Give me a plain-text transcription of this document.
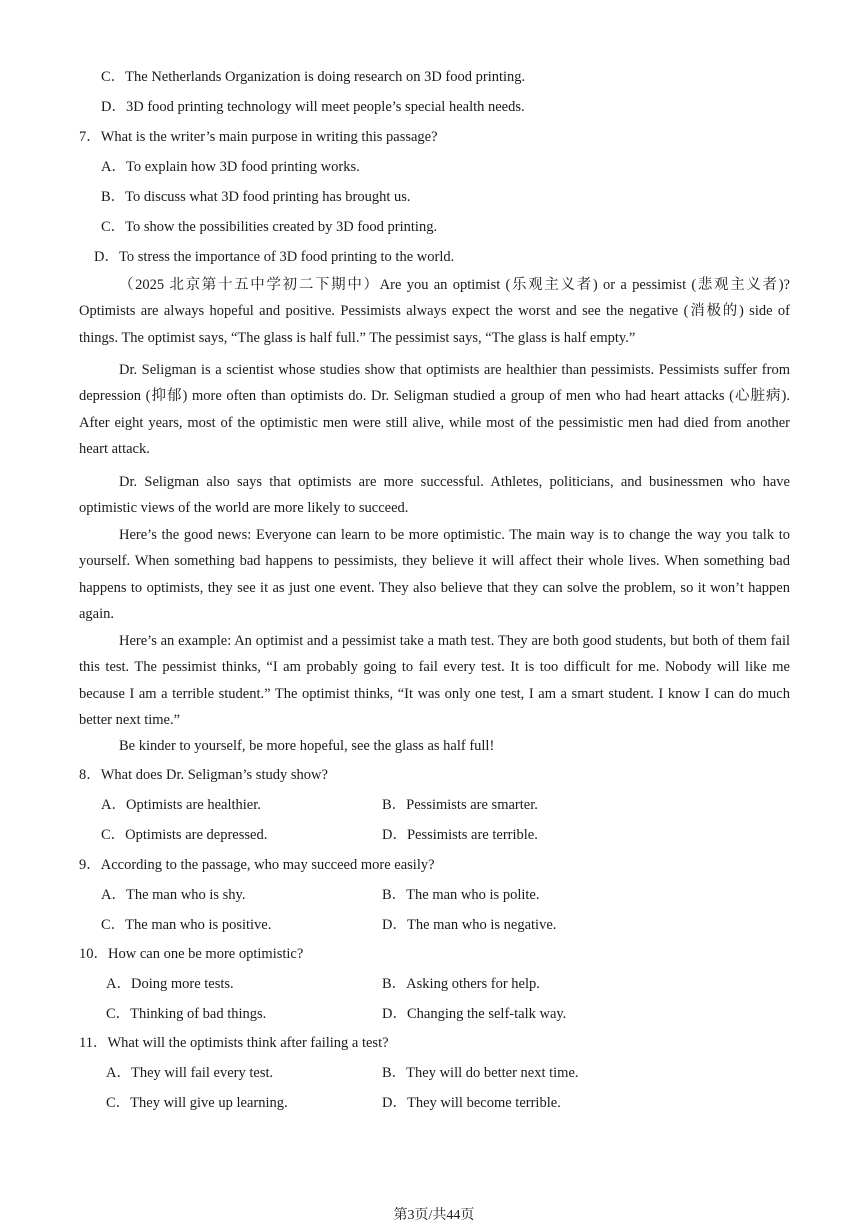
C．The Netherlands Organization is doing research on 3D food printing.
D．3D food printing technology will meet people’s special health needs.
7．What is the writer’s main purpose in writing this passage?
A．To explain how 3D food printing works.
B．To discuss what 3D food printing has brought us.
C．To show the possibilities created by 3D food printing.
D．To stress the importance of 3D food printing to the world.
（2025 北京第十五中学初二下期中）Are you an optimist (乐观主义者) or a pessimist (悲观主义者)? Optimists are always hopeful and positive. Pessimists always expect the worst and see the negative (消极的) side of things. The optimist says, “The glass is half full.” The pessimist says, “The glass is half empty.”
Dr. Seligman is a scientist whose studies show that optimists are healthier than pessimists. Pessimists suffer from depression (抑郁) more often than optimists do. Dr. Seligman studied a group of men who had heart attacks (心脏病). After eight years, most of the optimistic men were still alive, while most of the pessimistic men had died from another heart attack.
Dr. Seligman also says that optimists are more successful. Athletes, politicians, and businessmen who have optimistic views of the world are more likely to succeed.
Here’s the good news: Everyone can learn to be more optimistic. The main way is to change the way you talk to yourself. When something bad happens to pessimists, they believe it will affect their whole lives. When something bad happens to optimists, they see it as just one event. They also believe that they can solve the problem, so it won’t happen again.
Here’s an example: An optimist and a pessimist take a math test. They are both good students, but both of them fail this test. The pessimist thinks, “I am probably going to fail every test. It is too difficult for me. Nobody will like me because I am a terrible student.” The optimist thinks, “It was only one test, I am a smart student. I know I can do much better next time.”
Be kinder to yourself, be more hopeful, see the glass as half full!
8．What does Dr. Seligman’s study show?
A．Optimists are healthier.	B．Pessimists are smarter.
C．Optimists are depressed.	D．Pessimists are terrible.
9．According to the passage, who may succeed more easily?
A．The man who is shy.	B．The man who is polite.
C．The man who is positive.	D．The man who is negative.
10．How can one be more optimistic?
A．Doing more tests.	B．Asking others for help.
C．Thinking of bad things.	D．Changing the self-talk way.
11．What will the optimists think after failing a test?
A．They will fail every test.	B．They will do better next time.
C．They will give up learning.	D．They will become terrible.
第3页/共44页
